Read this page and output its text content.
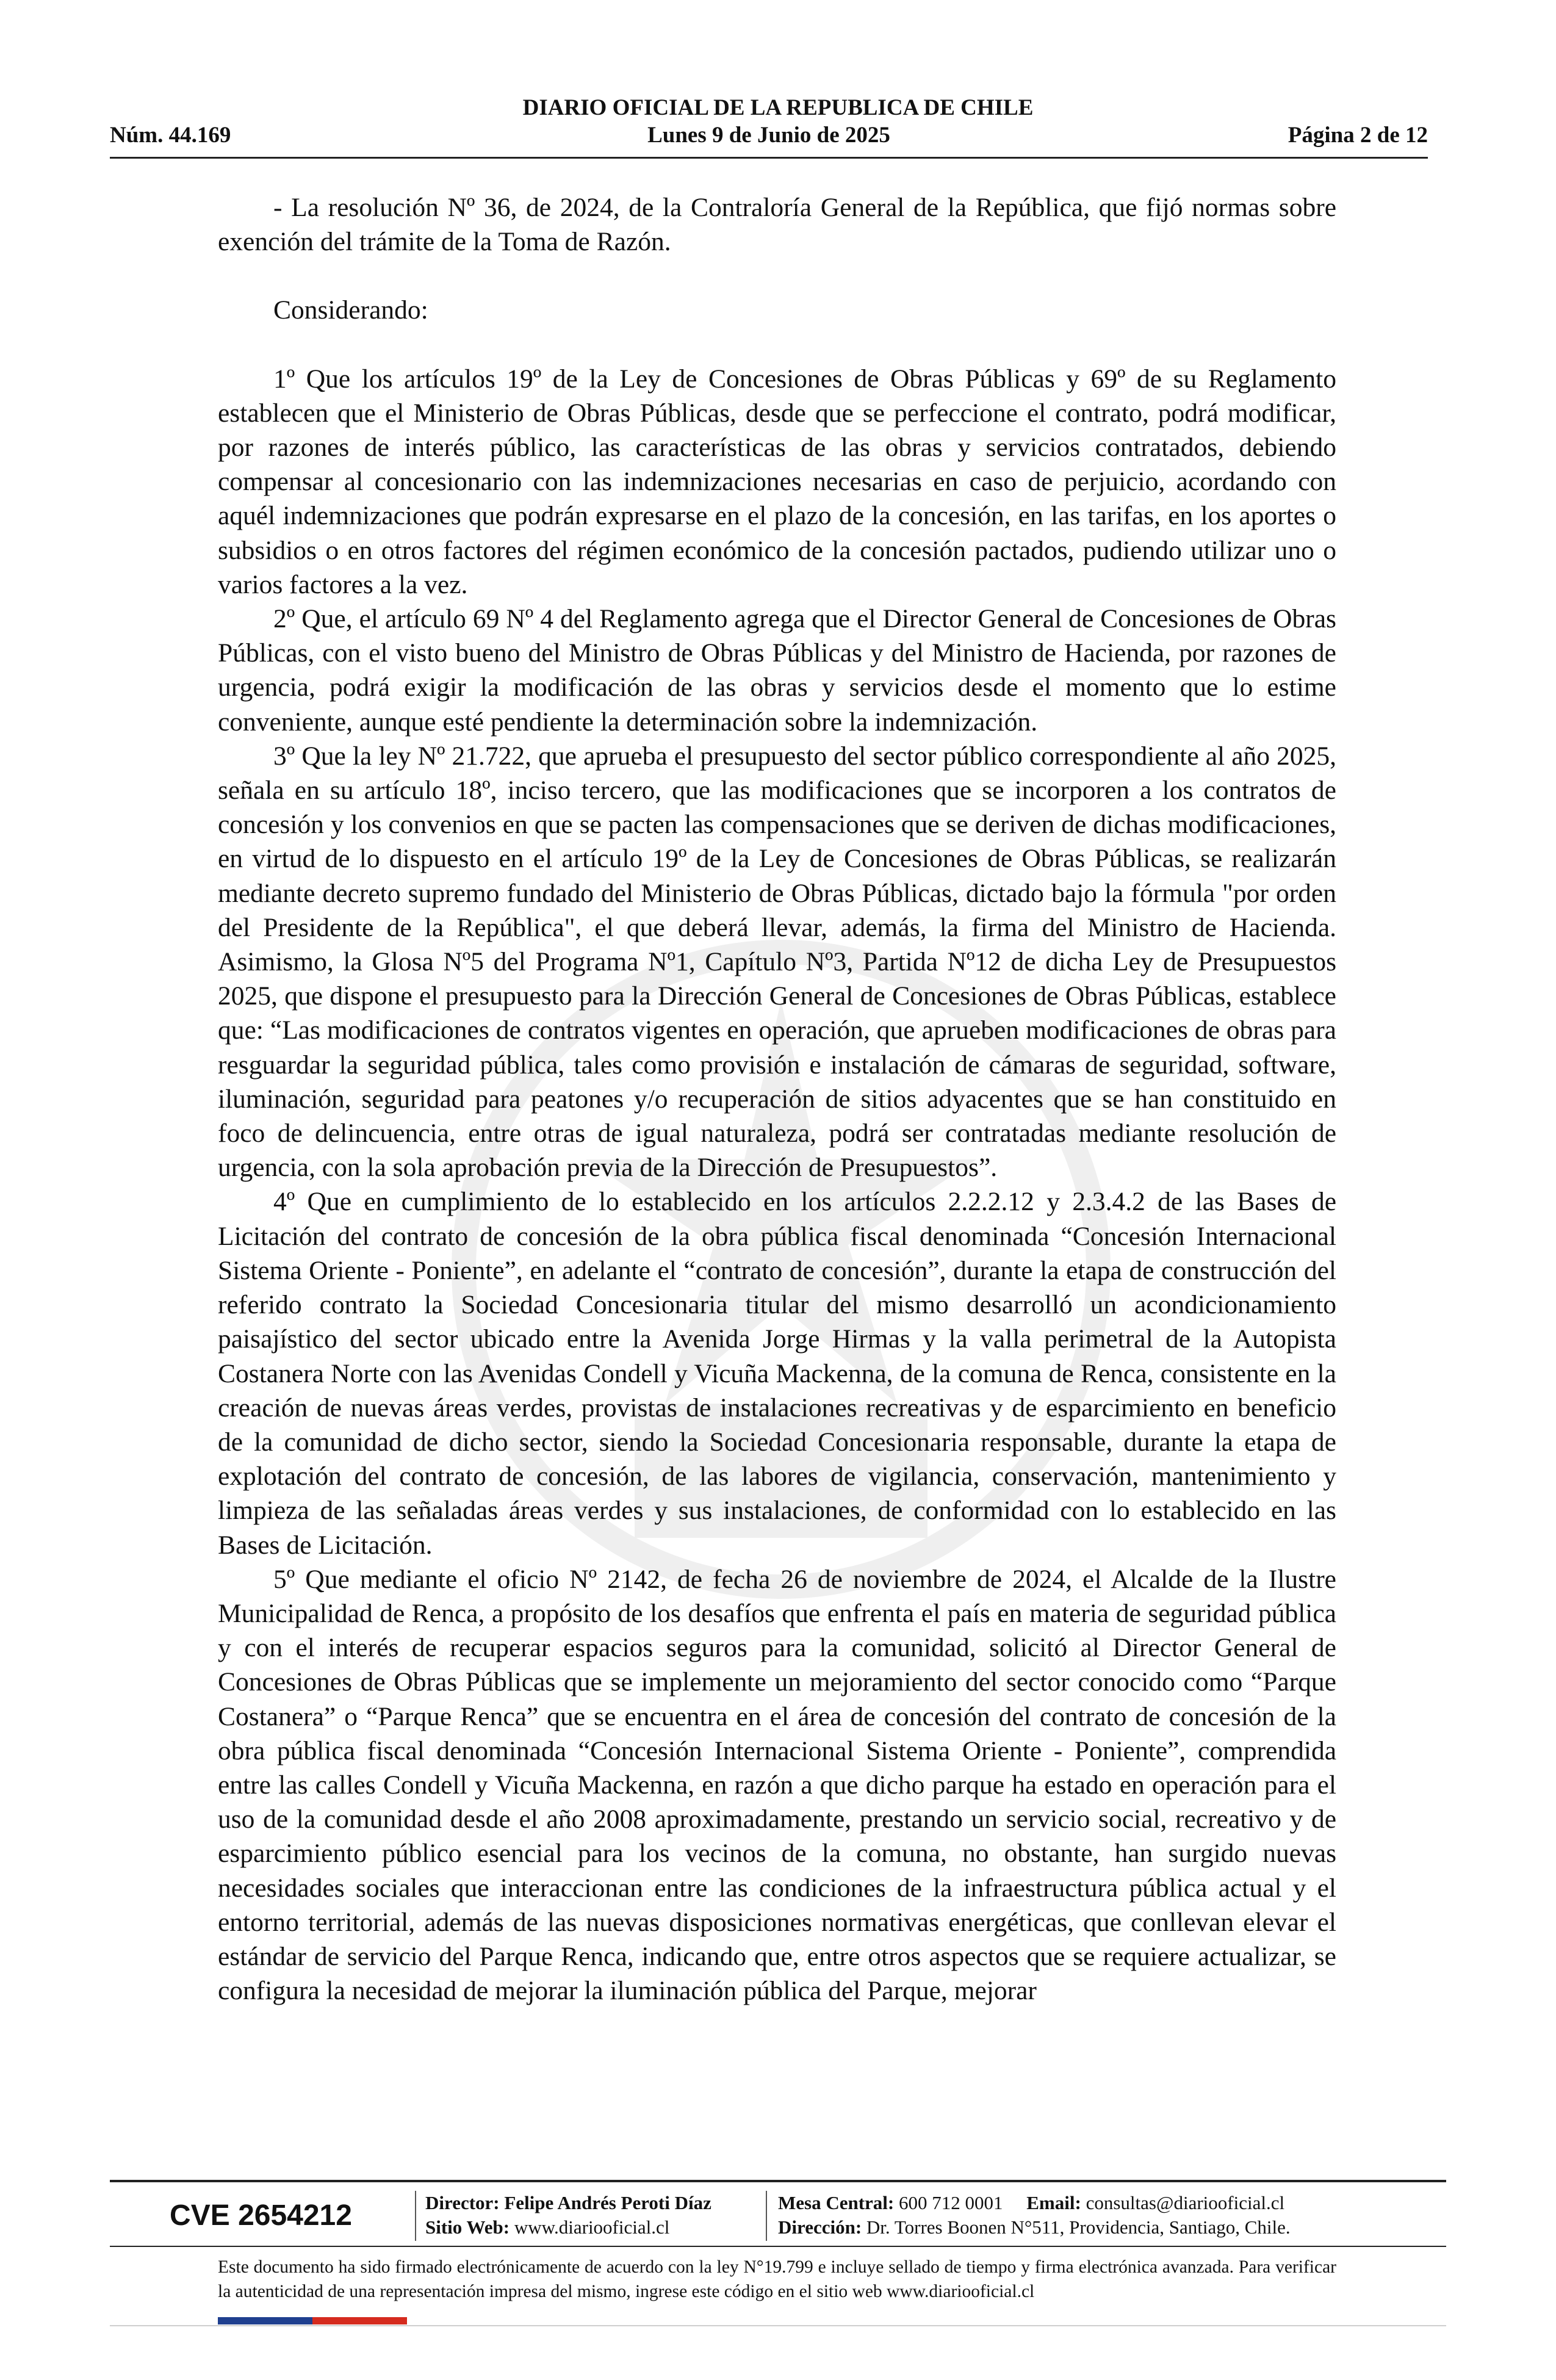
DIARIO OFICIAL DE LA REPUBLICA DE CHILE
Núm. 44.169	Lunes 9 de Junio de 2025	Página 2 de 12

- La resolución Nº 36, de 2024, de la Contraloría General de la República, que fijó normas sobre exención del trámite de la Toma de Razón.

Considerando:

1º Que los artículos 19º de la Ley de Concesiones de Obras Públicas y 69º de su Reglamento establecen que el Ministerio de Obras Públicas, desde que se perfeccione el contrato, podrá modificar, por razones de interés público, las características de las obras y servicios contratados, debiendo compensar al concesionario con las indemnizaciones necesarias en caso de perjuicio, acordando con aquél indemnizaciones que podrán expresarse en el plazo de la concesión, en las tarifas, en los aportes o subsidios o en otros factores del régimen económico de la concesión pactados, pudiendo utilizar uno o varios factores a la vez.

2º Que, el artículo 69 Nº 4 del Reglamento agrega que el Director General de Concesiones de Obras Públicas, con el visto bueno del Ministro de Obras Públicas y del Ministro de Hacienda, por razones de urgencia, podrá exigir la modificación de las obras y servicios desde el momento que lo estime conveniente, aunque esté pendiente la determinación sobre la indemnización.

3º Que la ley Nº 21.722, que aprueba el presupuesto del sector público correspondiente al año 2025, señala en su artículo 18º, inciso tercero, que las modificaciones que se incorporen a los contratos de concesión y los convenios en que se pacten las compensaciones que se deriven de dichas modificaciones, en virtud de lo dispuesto en el artículo 19º de la Ley de Concesiones de Obras Públicas, se realizarán mediante decreto supremo fundado del Ministerio de Obras Públicas, dictado bajo la fórmula "por orden del Presidente de la República", el que deberá llevar, además, la firma del Ministro de Hacienda. Asimismo, la Glosa Nº5 del Programa Nº1, Capítulo Nº3, Partida Nº12 de dicha Ley de Presupuestos 2025, que dispone el presupuesto para la Dirección General de Concesiones de Obras Públicas, establece que: “Las modificaciones de contratos vigentes en operación, que aprueben modificaciones de obras para resguardar la seguridad pública, tales como provisión e instalación de cámaras de seguridad, software, iluminación, seguridad para peatones y/o recuperación de sitios adyacentes que se han constituido en foco de delincuencia, entre otras de igual naturaleza, podrá ser contratadas mediante resolución de urgencia, con la sola aprobación previa de la Dirección de Presupuestos”.

4º Que en cumplimiento de lo establecido en los artículos 2.2.2.12 y 2.3.4.2 de las Bases de Licitación del contrato de concesión de la obra pública fiscal denominada “Concesión Internacional Sistema Oriente - Poniente”, en adelante el “contrato de concesión”, durante la etapa de construcción del referido contrato la Sociedad Concesionaria titular del mismo desarrolló un acondicionamiento paisajístico del sector ubicado entre la Avenida Jorge Hirmas y la valla perimetral de la Autopista Costanera Norte con las Avenidas Condell y Vicuña Mackenna, de la comuna de Renca, consistente en la creación de nuevas áreas verdes, provistas de instalaciones recreativas y de esparcimiento en beneficio de la comunidad de dicho sector, siendo la Sociedad Concesionaria responsable, durante la etapa de explotación del contrato de concesión, de las labores de vigilancia, conservación, mantenimiento y limpieza de las señaladas áreas verdes y sus instalaciones, de conformidad con lo establecido en las Bases de Licitación.

5º Que mediante el oficio Nº 2142, de fecha 26 de noviembre de 2024, el Alcalde de la Ilustre Municipalidad de Renca, a propósito de los desafíos que enfrenta el país en materia de seguridad pública y con el interés de recuperar espacios seguros para la comunidad, solicitó al Director General de Concesiones de Obras Públicas que se implemente un mejoramiento del sector conocido como “Parque Costanera” o “Parque Renca” que se encuentra en el área de concesión del contrato de concesión de la obra pública fiscal denominada “Concesión Internacional Sistema Oriente - Poniente”, comprendida entre las calles Condell y Vicuña Mackenna, en razón a que dicho parque ha estado en operación para el uso de la comunidad desde el año 2008 aproximadamente, prestando un servicio social, recreativo y de esparcimiento público esencial para los vecinos de la comuna, no obstante, han surgido nuevas necesidades sociales que interaccionan entre las condiciones de la infraestructura pública actual y el entorno territorial, además de las nuevas disposiciones normativas energéticas, que conllevan elevar el estándar de servicio del Parque Renca, indicando que, entre otros aspectos que se requiere actualizar, se configura la necesidad de mejorar la iluminación pública del Parque, mejorar

CVE 2654212	Director: Felipe Andrés Peroti Díaz
Sitio Web: www.diariooficial.cl
Mesa Central: 600 712 0001 Email: consultas@diariooficial.cl
Dirección: Dr. Torres Boonen N°511, Providencia, Santiago, Chile.
Este documento ha sido firmado electrónicamente de acuerdo con la ley N°19.799 e incluye sellado de tiempo y firma electrónica avanzada. Para verificar la autenticidad de una representación impresa del mismo, ingrese este código en el sitio web www.diariooficial.cl
